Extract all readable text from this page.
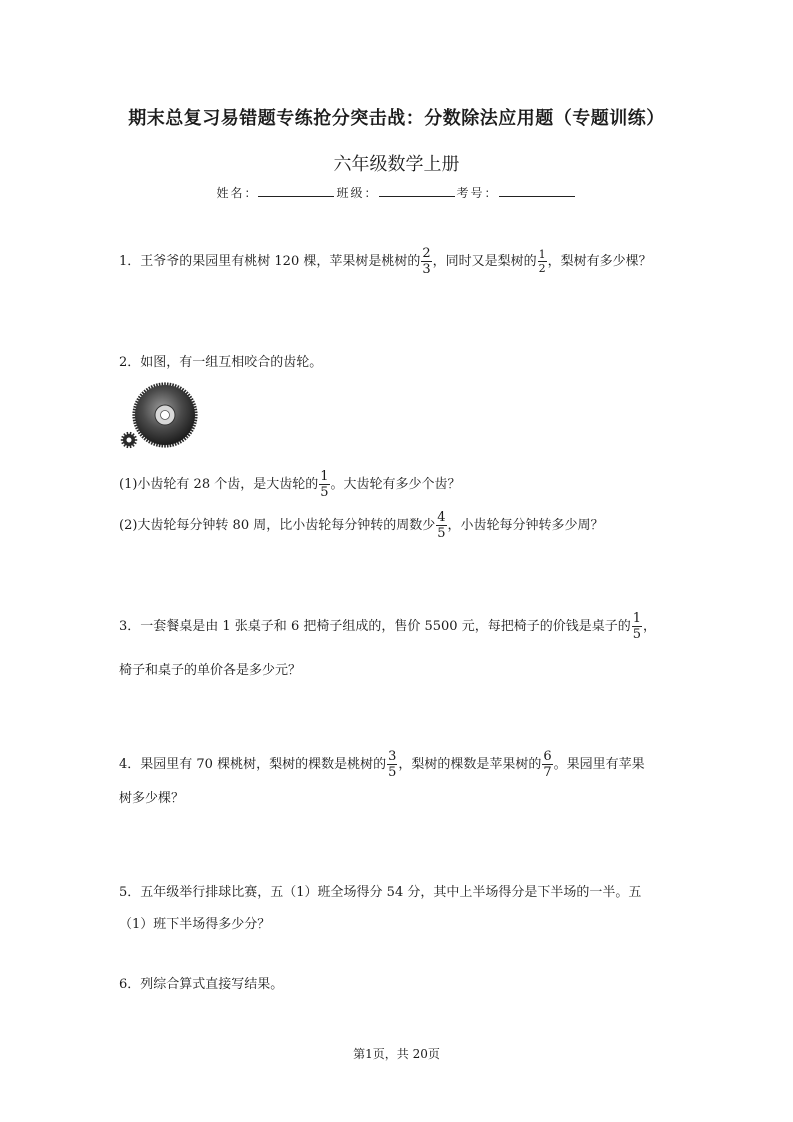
期末总复习易错题专练抢分突击战：分数除法应用题（专题训练）
六年级数学上册
姓名：	班级：	考号：
1．王爷爷的果园里有桃树 120 棵，苹果树是桃树的 $\frac{2}{3}$ ，同时又是梨树的 $\frac{1}{2}$ ，梨树有多少棵？
2．如图，有一组互相咬合的齿轮。
(1)小齿轮有 28 个齿，是大齿轮的 $\frac{1}{5}$ 。大齿轮有多少个齿？
(2)大齿轮每分钟转 80 周，比小齿轮每分钟转的周数少 $\frac{4}{5}$ ，小齿轮每分钟转多少周？
3．一套餐桌是由 1 张桌子和 6 把椅子组成的，售价 5500 元，每把椅子的价钱是桌子的 $\frac{1}{5}$ ，
椅子和桌子的单价各是多少元？
4．果园里有 70 棵桃树，梨树的棵数是桃树的 $\frac{3}{5}$ ，梨树的棵数是苹果树的 $\frac{6}{7}$ 。果园里有苹果
树多少棵？
5．五年级举行排球比赛，五（1）班全场得分 54 分，其中上半场得分是下半场的一半。五
（1）班下半场得多少分？
6．列综合算式直接写结果。
第1页，共 20页
